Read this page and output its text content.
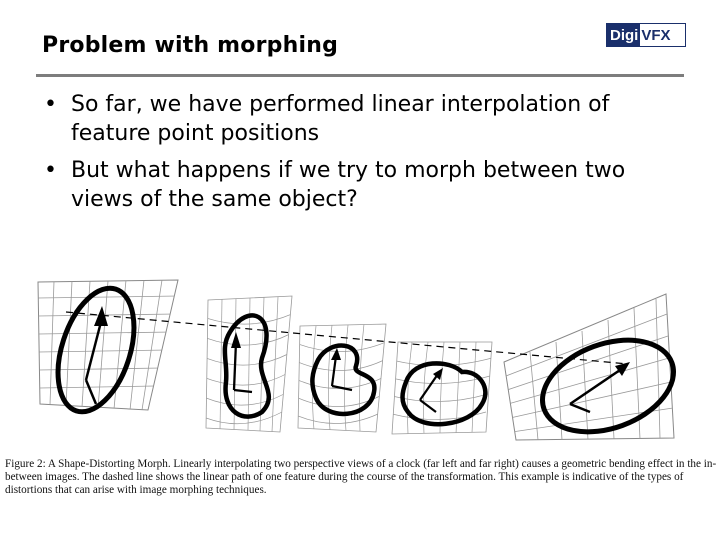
Problem with morphing	Digi VFX
• So far, we have performed linear interpolation of feature point positions
• But what happens if we try to morph between two views of the same object?
Figure 2: A Shape-Distorting Morph. Linearly interpolating two perspective views of a clock (far left and far right) causes a geometric bending effect in the in-between images. The dashed line shows the linear path of one feature during the course of the transformation. This example is indicative of the types of distortions that can arise with image morphing techniques.
